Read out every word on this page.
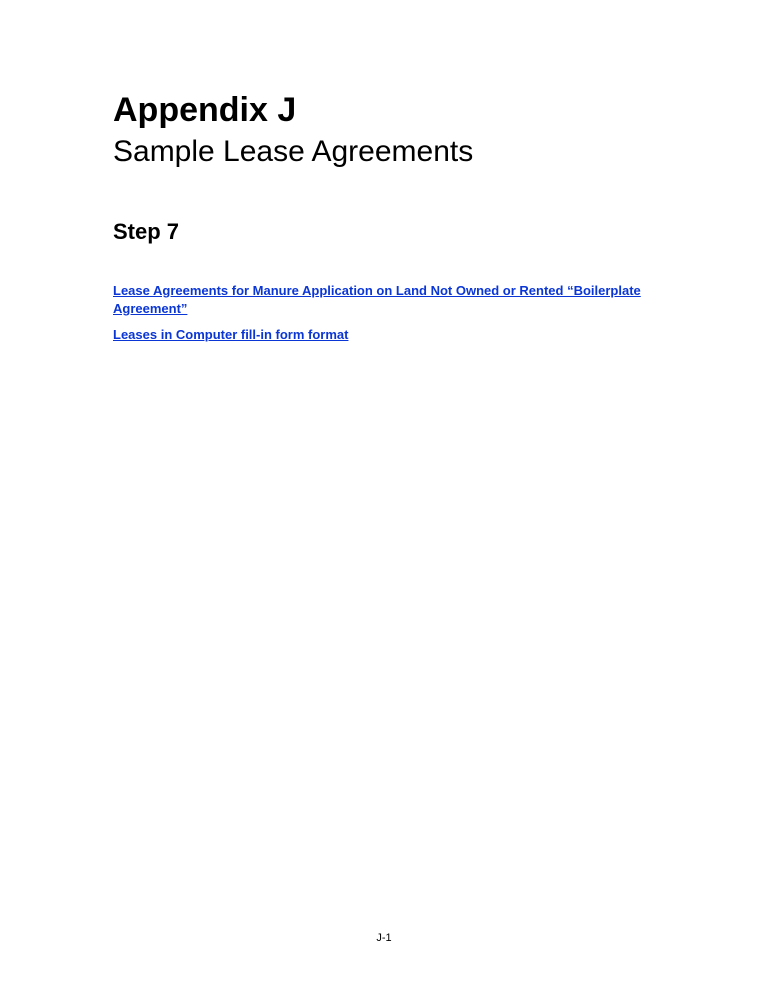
Appendix J
Sample Lease Agreements
Step 7
Lease Agreements for Manure Application on Land Not Owned or Rented “Boilerplate Agreement”
Leases in Computer fill-in form format
J-1
